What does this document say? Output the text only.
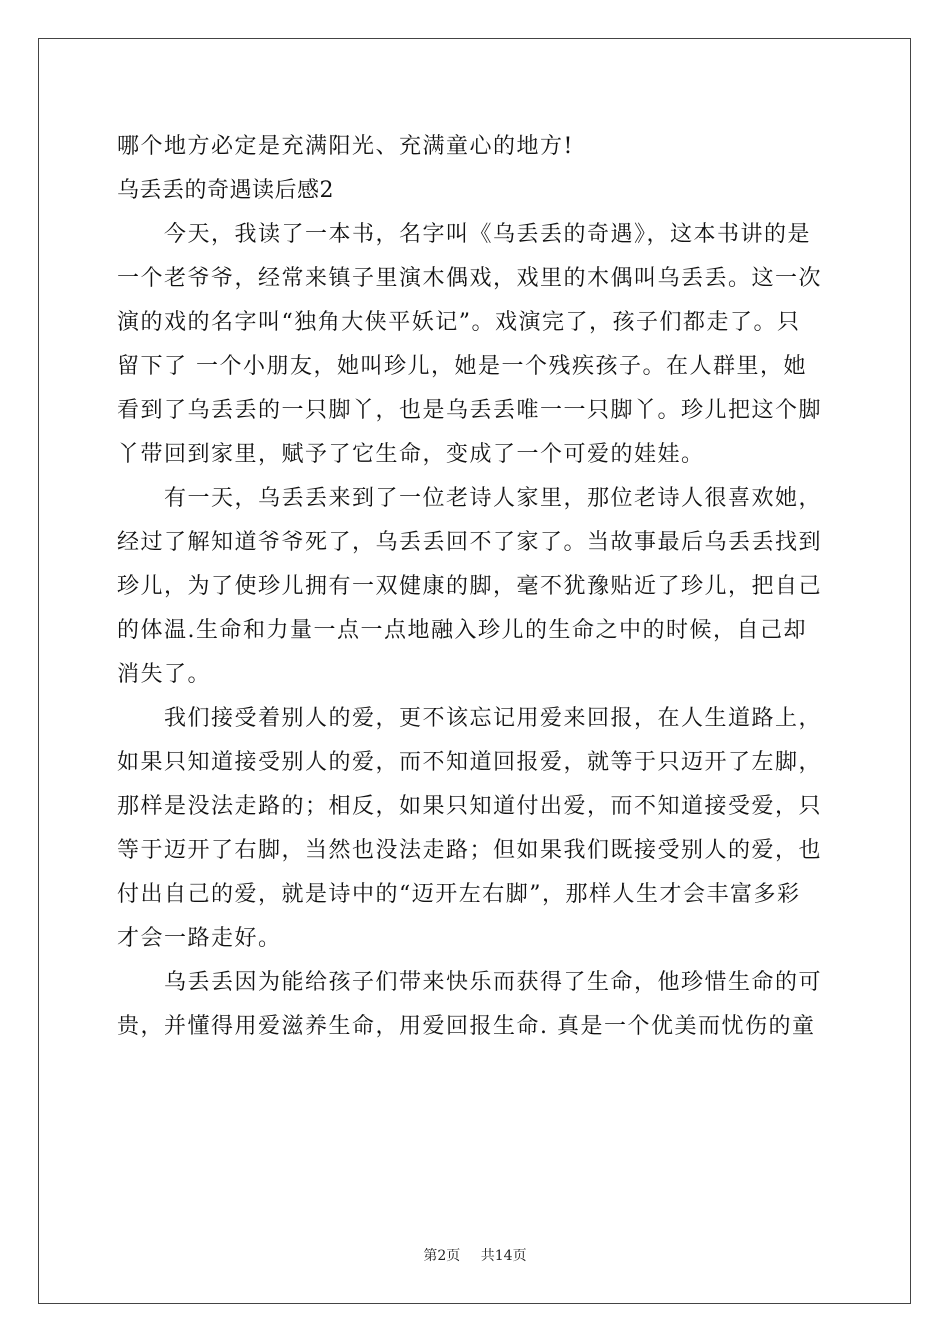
哪个地方必定是充满阳光、充满童心的地方!
乌丢丢的奇遇读后感2
　　今天，我读了一本书，名字叫《乌丢丢的奇遇》，这本书讲的是
一个老爷爷，经常来镇子里演木偶戏，戏里的木偶叫乌丢丢。这一次
演的戏的名字叫“独角大侠平妖记”。戏演完了，孩子们都走了。只
留下了 一个小朋友，她叫珍儿，她是一个残疾孩子。在人群里，她
看到了乌丢丢的一只脚丫，也是乌丢丢唯一一只脚丫。珍儿把这个脚
丫带回到家里，赋予了它生命，变成了一个可爱的娃娃。
　　有一天，乌丢丢来到了一位老诗人家里，那位老诗人很喜欢她，
经过了解知道爷爷死了，乌丢丢回不了家了。当故事最后乌丢丢找到
珍儿，为了使珍儿拥有一双健康的脚，毫不犹豫贴近了珍儿，把自己
的体温.生命和力量一点一点地融入珍儿的生命之中的时候，自己却
消失了。
　　我们接受着别人的爱，更不该忘记用爱来回报，在人生道路上，
如果只知道接受别人的爱，而不知道回报爱，就等于只迈开了左脚，
那样是没法走路的；相反，如果只知道付出爱，而不知道接受爱，只
等于迈开了右脚，当然也没法走路；但如果我们既接受别人的爱，也
付出自己的爱，就是诗中的“迈开左右脚”，那样人生才会丰富多彩
才会一路走好。
　　乌丢丢因为能给孩子们带来快乐而获得了生命，他珍惜生命的可
贵，并懂得用爱滋养生命，用爱回报生命. 真是一个优美而忧伤的童
第2页 共14页
